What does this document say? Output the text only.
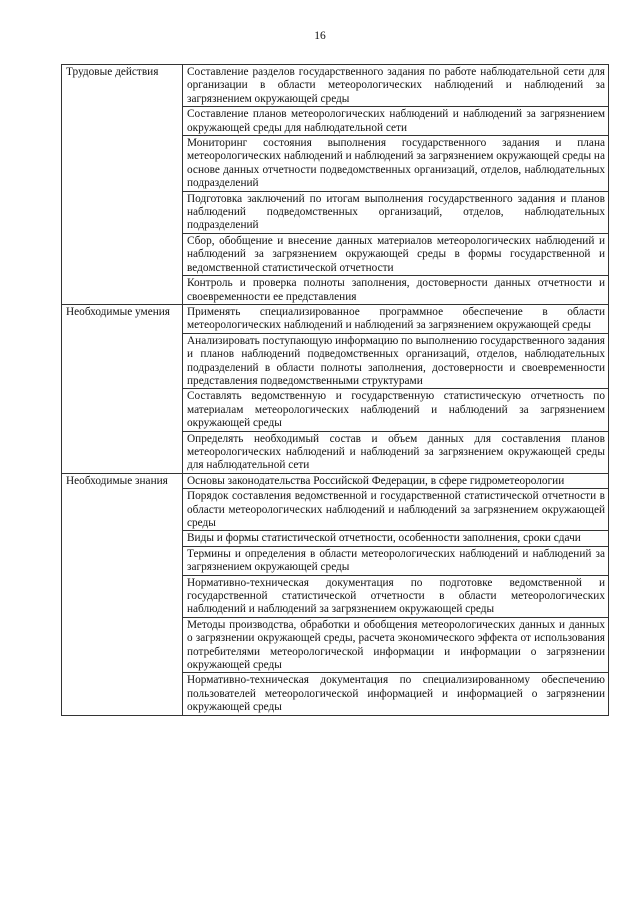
16
Трудовые действия	Составление разделов государственного задания по работе наблюдательной сети для организации в области метеорологических наблюдений и наблюдений за загрязнением окружающей среды
	Составление планов метеорологических наблюдений и наблюдений за загрязнением окружающей среды для наблюдательной сети
	Мониторинг состояния выполнения государственного задания и плана метеорологических наблюдений и наблюдений за загрязнением окружающей среды на основе данных отчетности подведомственных организаций, отделов, наблюдательных подразделений
	Подготовка заключений по итогам выполнения государственного задания и планов наблюдений подведомственных организаций, отделов, наблюдательных подразделений
	Сбор, обобщение и внесение данных материалов метеорологических наблюдений и наблюдений за загрязнением окружающей среды в формы государственной и ведомственной статистической отчетности
	Контроль и проверка полноты заполнения, достоверности данных отчетности и своевременности ее представления
Необходимые умения	Применять специализированное программное обеспечение в области метеорологических наблюдений и наблюдений за загрязнением окружающей среды
	Анализировать поступающую информацию по выполнению государственного задания и планов наблюдений подведомственных организаций, отделов, наблюдательных подразделений в области полноты заполнения, достоверности и своевременности представления подведомственными структурами
	Составлять ведомственную и государственную статистическую отчетность по материалам метеорологических наблюдений и наблюдений за загрязнением окружающей среды
	Определять необходимый состав и объем данных для составления планов метеорологических наблюдений и наблюдений за загрязнением окружающей среды для наблюдательной сети
Необходимые знания	Основы законодательства Российской Федерации, в сфере гидрометеорологии
	Порядок составления ведомственной и государственной статистической отчетности в области метеорологических наблюдений и наблюдений за загрязнением окружающей среды
	Виды и формы статистической отчетности, особенности заполнения, сроки сдачи
	Термины и определения в области метеорологических наблюдений и наблюдений за загрязнением окружающей среды
	Нормативно-техническая документация по подготовке ведомственной и государственной статистической отчетности в области метеорологических наблюдений и наблюдений за загрязнением окружающей среды
	Методы производства, обработки и обобщения метеорологических данных и данных о загрязнении окружающей среды, расчета экономического эффекта от использования потребителями метеорологической информации и информации о загрязнении окружающей среды
	Нормативно-техническая документация по специализированному обеспечению пользователей метеорологической информацией и информацией о загрязнении окружающей среды
